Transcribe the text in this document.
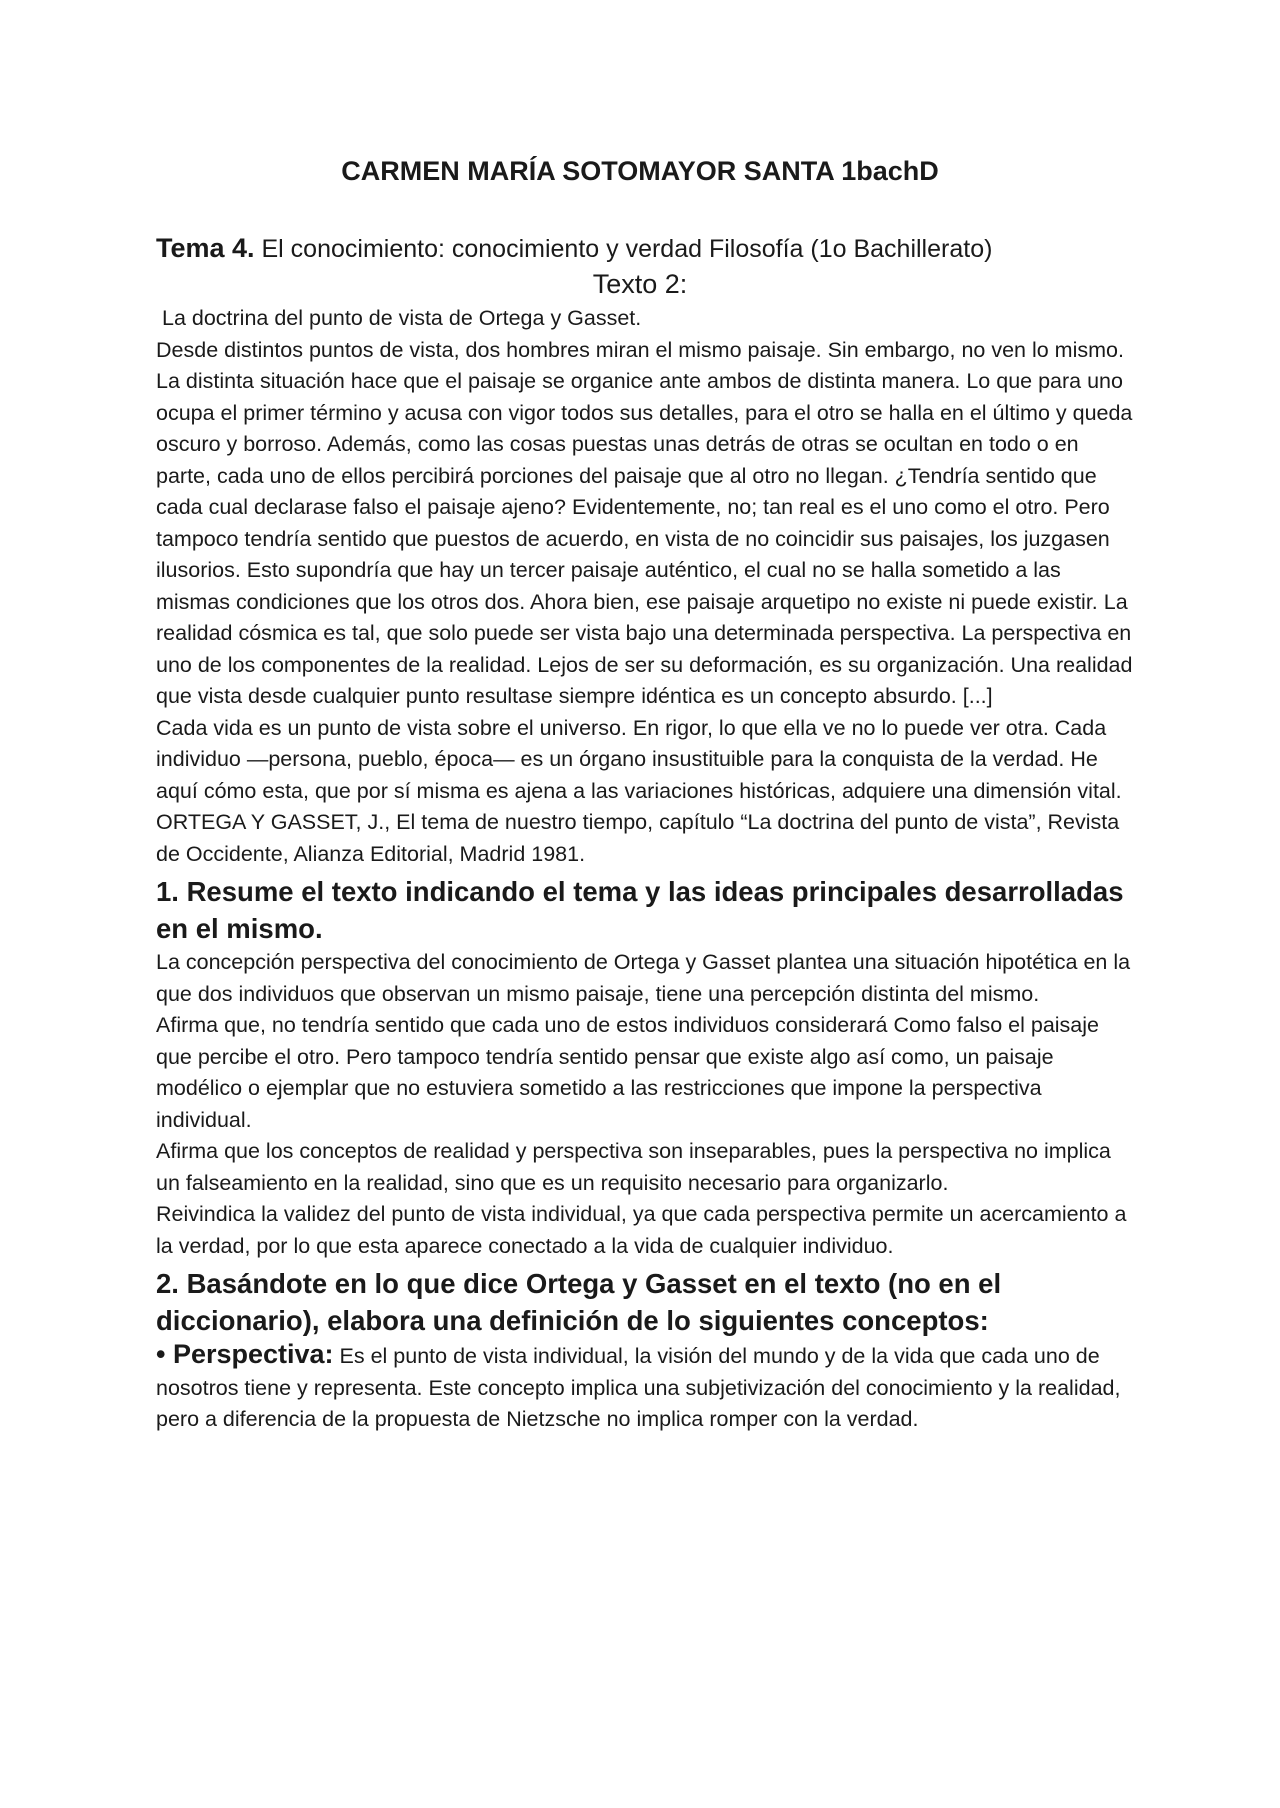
CARMEN MARÍA SOTOMAYOR SANTA 1bachD
Tema 4. El conocimiento: conocimiento y verdad Filosofía (1o Bachillerato)
Texto 2:

La doctrina del punto de vista de Ortega y Gasset.

Desde distintos puntos de vista, dos hombres miran el mismo paisaje. Sin embargo, no ven lo mismo. La distinta situación hace que el paisaje se organice ante ambos de distinta manera. Lo que para uno ocupa el primer término y acusa con vigor todos sus detalles, para el otro se halla en el último y queda oscuro y borroso. Además, como las cosas puestas unas detrás de otras se ocultan en todo o en parte, cada uno de ellos percibirá porciones del paisaje que al otro no llegan. ¿Tendría sentido que cada cual declarase falso el paisaje ajeno? Evidentemente, no; tan real es el uno como el otro. Pero tampoco tendría sentido que puestos de acuerdo, en vista de no coincidir sus paisajes, los juzgasen ilusorios. Esto supondría que hay un tercer paisaje auténtico, el cual no se halla sometido a las mismas condiciones que los otros dos. Ahora bien, ese paisaje arquetipo no existe ni puede existir. La realidad cósmica es tal, que solo puede ser vista bajo una determinada perspectiva. La perspectiva en uno de los componentes de la realidad. Lejos de ser su deformación, es su organización. Una realidad que vista desde cualquier punto resultase siempre idéntica es un concepto absurdo. [...]

Cada vida es un punto de vista sobre el universo. En rigor, lo que ella ve no lo puede ver otra. Cada individuo —persona, pueblo, época— es un órgano insustituible para la conquista de la verdad. He aquí cómo esta, que por sí misma es ajena a las variaciones históricas, adquiere una dimensión vital.

ORTEGA Y GASSET, J., El tema de nuestro tiempo, capítulo “La doctrina del punto de vista”, Revista de Occidente, Alianza Editorial, Madrid 1981.

1. Resume el texto indicando el tema y las ideas principales desarrolladas en el mismo.

La concepción perspectiva del conocimiento de Ortega y Gasset plantea una situación hipotética en la que dos individuos que observan un mismo paisaje, tiene una percepción distinta del mismo.

Afirma que, no tendría sentido que cada uno de estos individuos considerará Como falso el paisaje que percibe el otro. Pero tampoco tendría sentido pensar que existe algo así como, un paisaje modélico o ejemplar que no estuviera sometido a las restricciones que impone la perspectiva individual.

Afirma que los conceptos de realidad y perspectiva son inseparables, pues la perspectiva no implica un falseamiento en la realidad, sino que es un requisito necesario para organizarlo.

Reivindica la validez del punto de vista individual, ya que cada perspectiva permite un acercamiento a la verdad, por lo que esta aparece conectado a la vida de cualquier individuo.

2. Basándote en lo que dice Ortega y Gasset en el texto (no en el diccionario), elabora una definición de lo siguientes conceptos:

• Perspectiva: Es el punto de vista individual, la visión del mundo y de la vida que cada uno de nosotros tiene y representa. Este concepto implica una subjetivización del conocimiento y la realidad, pero a diferencia de la propuesta de Nietzsche no implica romper con la verdad.
